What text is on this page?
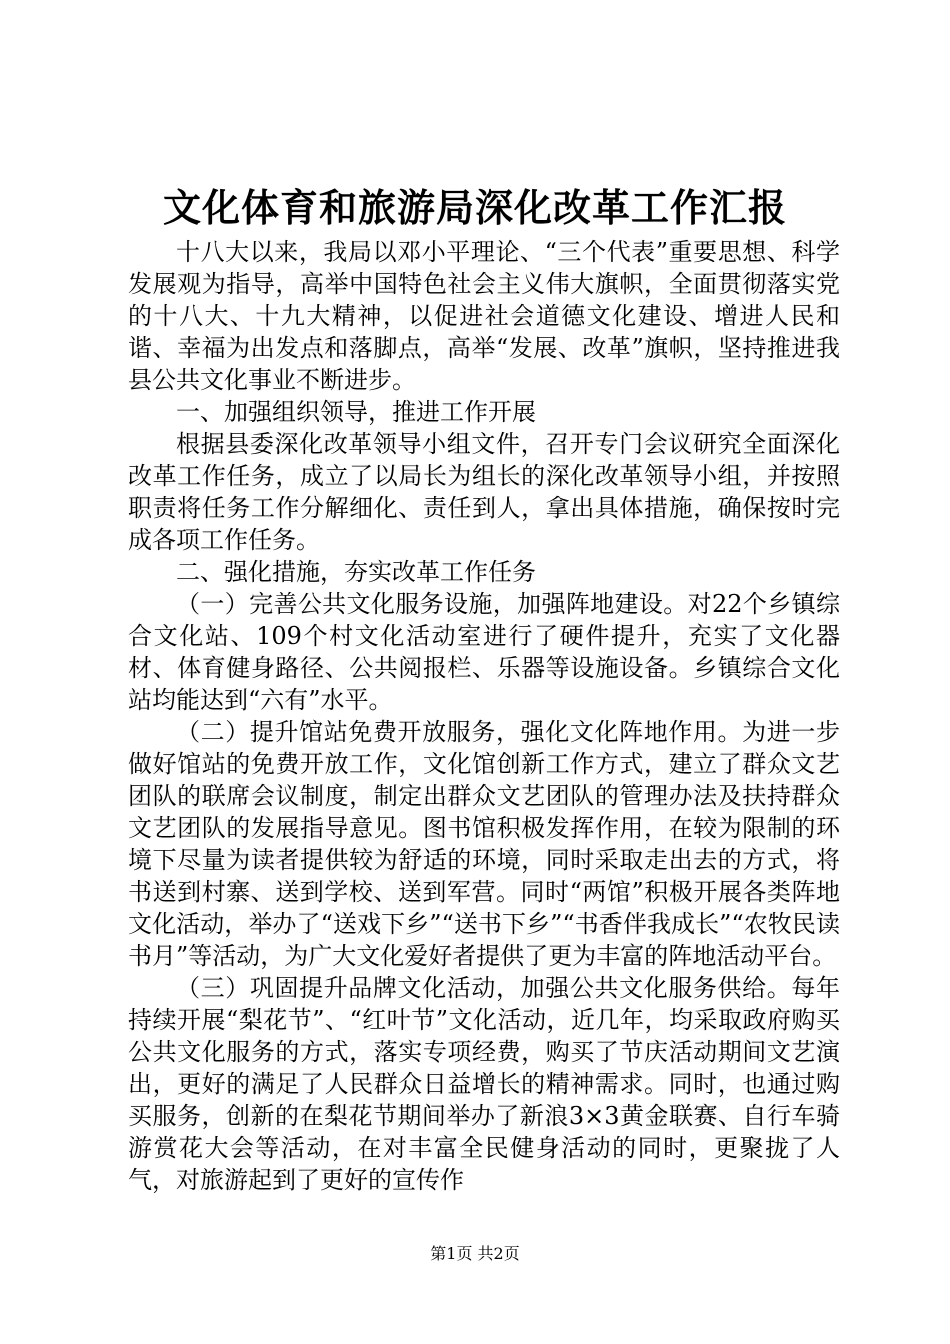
文化体育和旅游局深化改革工作汇报

十八大以来，我局以邓小平理论、“三个代表”重要思想、科学发展观为指导，高举中国特色社会主义伟大旗帜，全面贯彻落实党的十八大、十九大精神，以促进社会道德文化建设、增进人民和谐、幸福为出发点和落脚点，高举“发展、改革”旗帜，坚持推进我县公共文化事业不断进步。

一、加强组织领导，推进工作开展

根据县委深化改革领导小组文件，召开专门会议研究全面深化改革工作任务，成立了以局长为组长的深化改革领导小组，并按照职责将任务工作分解细化、责任到人，拿出具体措施，确保按时完成各项工作任务。

二、强化措施，夯实改革工作任务

（一）完善公共文化服务设施，加强阵地建设。对22个乡镇综合文化站、109个村文化活动室进行了硬件提升，充实了文化器材、体育健身路径、公共阅报栏、乐器等设施设备。乡镇综合文化站均能达到“六有”水平。

（二）提升馆站免费开放服务，强化文化阵地作用。为进一步做好馆站的免费开放工作，文化馆创新工作方式，建立了群众文艺团队的联席会议制度，制定出群众文艺团队的管理办法及扶持群众文艺团队的发展指导意见。图书馆积极发挥作用，在较为限制的环境下尽量为读者提供较为舒适的环境，同时采取走出去的方式，将书送到村寨、送到学校、送到军营。同时“两馆”积极开展各类阵地文化活动，举办了“送戏下乡”“送书下乡”“书香伴我成长”“农牧民读书月”等活动，为广大文化爱好者提供了更为丰富的阵地活动平台。

（三）巩固提升品牌文化活动，加强公共文化服务供给。每年持续开展“梨花节”、“红叶节”文化活动，近几年，均采取政府购买公共文化服务的方式，落实专项经费，购买了节庆活动期间文艺演出，更好的满足了人民群众日益增长的精神需求。同时，也通过购买服务，创新的在梨花节期间举办了新浪3×3黄金联赛、自行车骑游赏花大会等活动，在对丰富全民健身活动的同时，更聚拢了人气，对旅游起到了更好的宣传作

第1页 共2页
